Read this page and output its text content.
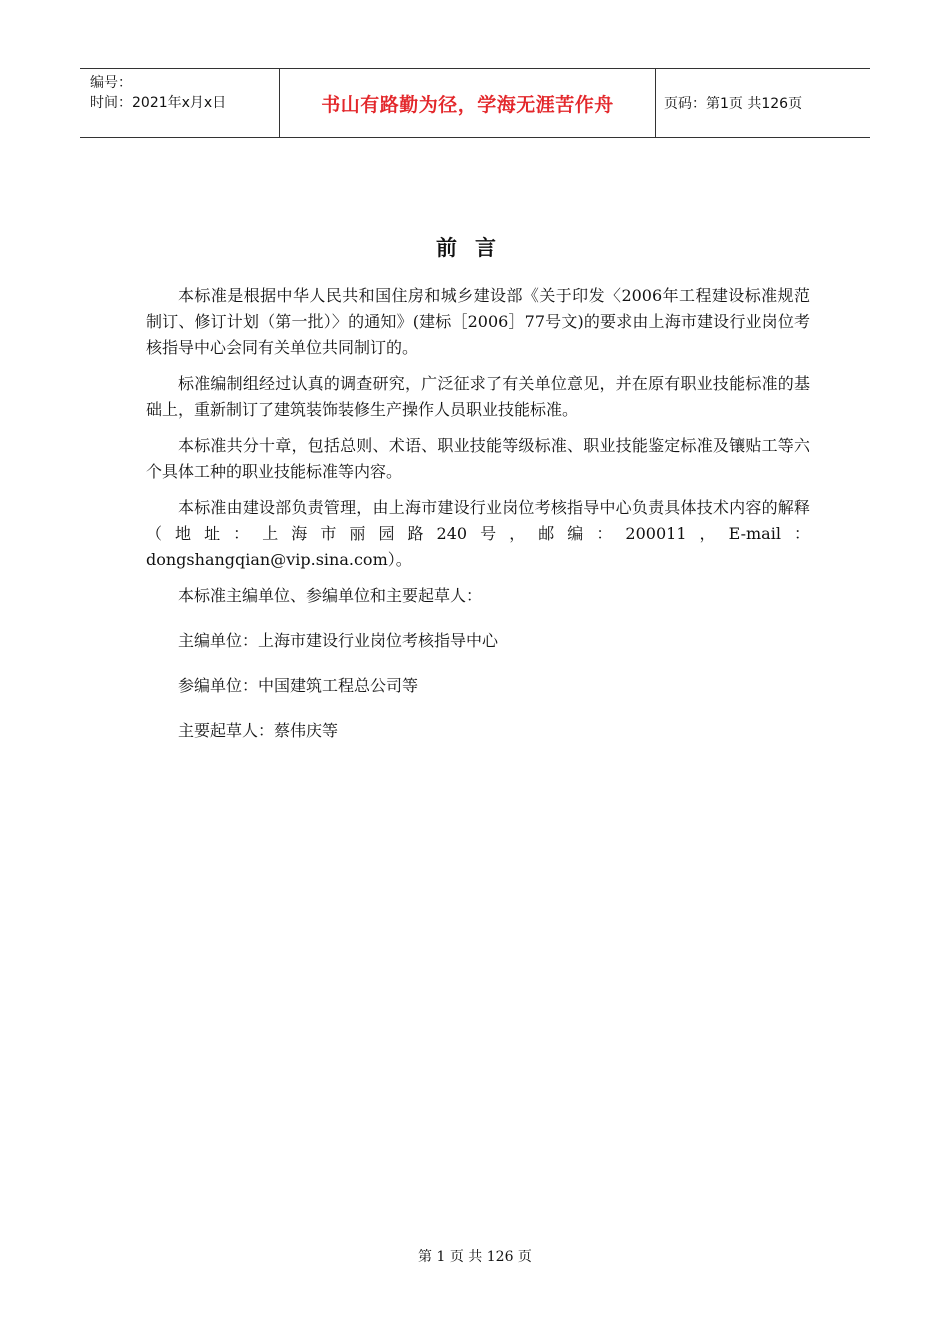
编号：
时间：2021年x月x日	书山有路勤为径，学海无涯苦作舟	页码：第1页 共126页
前言

本标准是根据中华人民共和国住房和城乡建设部《关于印发〈2006年工程建设标准规范制订、修订计划（第一批）〉的通知》(建标［2006］77号文)的要求由上海市建设行业岗位考核指导中心会同有关单位共同制订的。

标准编制组经过认真的调查研究，广泛征求了有关单位意见，并在原有职业技能标准的基础上，重新制订了建筑装饰装修生产操作人员职业技能标准。

本标准共分十章，包括总则、术语、职业技能等级标准、职业技能鉴定标准及镶贴工等六个具体工种的职业技能标准等内容。

本标准由建设部负责管理，由上海市建设行业岗位考核指导中心负责具体技术内容的解释（地址：上海市丽园路240号，邮编：200011，E-mail：dongshangqian@vip.sina.com）。

本标准主编单位、参编单位和主要起草人：

主编单位：上海市建设行业岗位考核指导中心

参编单位：中国建筑工程总公司等

主要起草人：蔡伟庆等

第 1 页 共 126 页
